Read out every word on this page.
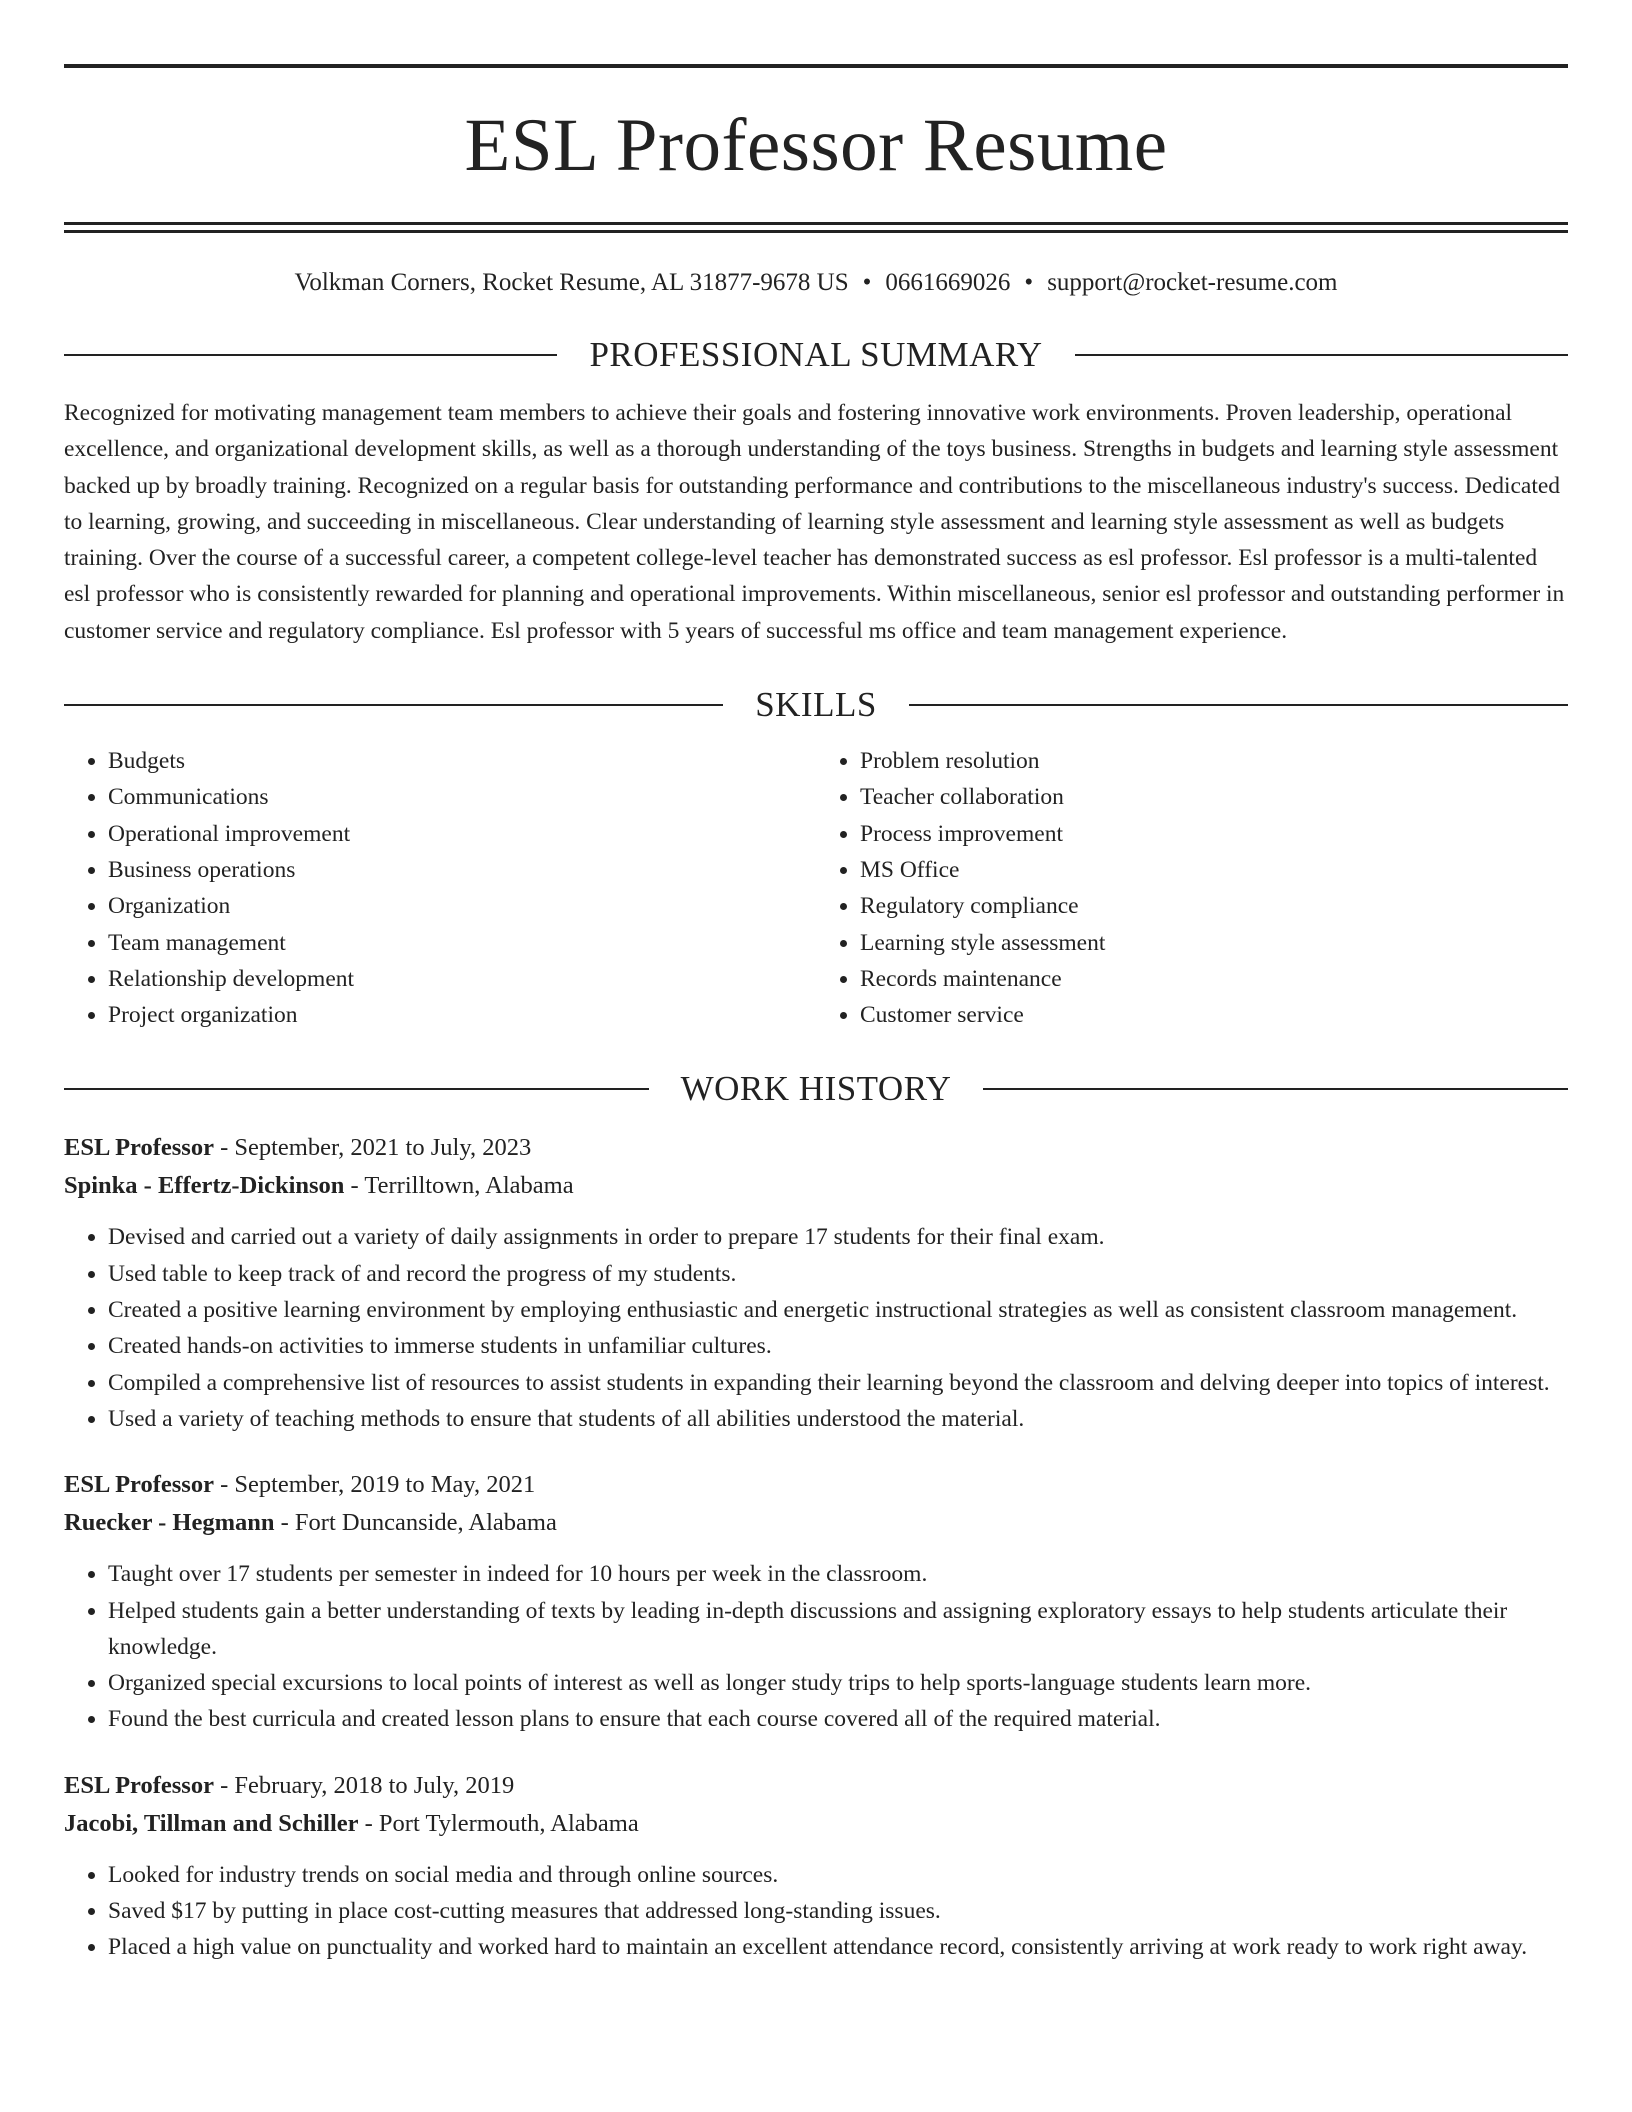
ESL Professor Resume
Volkman Corners, Rocket Resume, AL 31877-9678 US • 0661669026 • support@rocket-resume.com
PROFESSIONAL SUMMARY

Recognized for motivating management team members to achieve their goals and fostering innovative work environments. Proven leadership, operational excellence, and organizational development skills, as well as a thorough understanding of the toys business. Strengths in budgets and learning style assessment backed up by broadly training. Recognized on a regular basis for outstanding performance and contributions to the miscellaneous industry's success. Dedicated to learning, growing, and succeeding in miscellaneous. Clear understanding of learning style assessment and learning style assessment as well as budgets training. Over the course of a successful career, a competent college-level teacher has demonstrated success as esl professor. Esl professor is a multi-talented esl professor who is consistently rewarded for planning and operational improvements. Within miscellaneous, senior esl professor and outstanding performer in customer service and regulatory compliance. Esl professor with 5 years of successful ms office and team management experience.

SKILLS
• Budgets
• Communications
• Operational improvement
• Business operations
• Organization
• Team management
• Relationship development
• Project organization
• Problem resolution
• Teacher collaboration
• Process improvement
• MS Office
• Regulatory compliance
• Learning style assessment
• Records maintenance
• Customer service
WORK HISTORY
ESL Professor - September, 2021 to July, 2023
Spinka - Effertz-Dickinson - Terrilltown, Alabama
• Devised and carried out a variety of daily assignments in order to prepare 17 students for their final exam.
• Used table to keep track of and record the progress of my students.
• Created a positive learning environment by employing enthusiastic and energetic instructional strategies as well as consistent classroom management.
• Created hands-on activities to immerse students in unfamiliar cultures.
• Compiled a comprehensive list of resources to assist students in expanding their learning beyond the classroom and delving deeper into topics of interest.
• Used a variety of teaching methods to ensure that students of all abilities understood the material.
ESL Professor - September, 2019 to May, 2021
Ruecker - Hegmann - Fort Duncanside, Alabama
• Taught over 17 students per semester in indeed for 10 hours per week in the classroom.
• Helped students gain a better understanding of texts by leading in-depth discussions and assigning exploratory essays to help students articulate their knowledge.
• Organized special excursions to local points of interest as well as longer study trips to help sports-language students learn more.
• Found the best curricula and created lesson plans to ensure that each course covered all of the required material.
ESL Professor - February, 2018 to July, 2019
Jacobi, Tillman and Schiller - Port Tylermouth, Alabama
• Looked for industry trends on social media and through online sources.
• Saved $17 by putting in place cost-cutting measures that addressed long-standing issues.
• Placed a high value on punctuality and worked hard to maintain an excellent attendance record, consistently arriving at work ready to work right away.
